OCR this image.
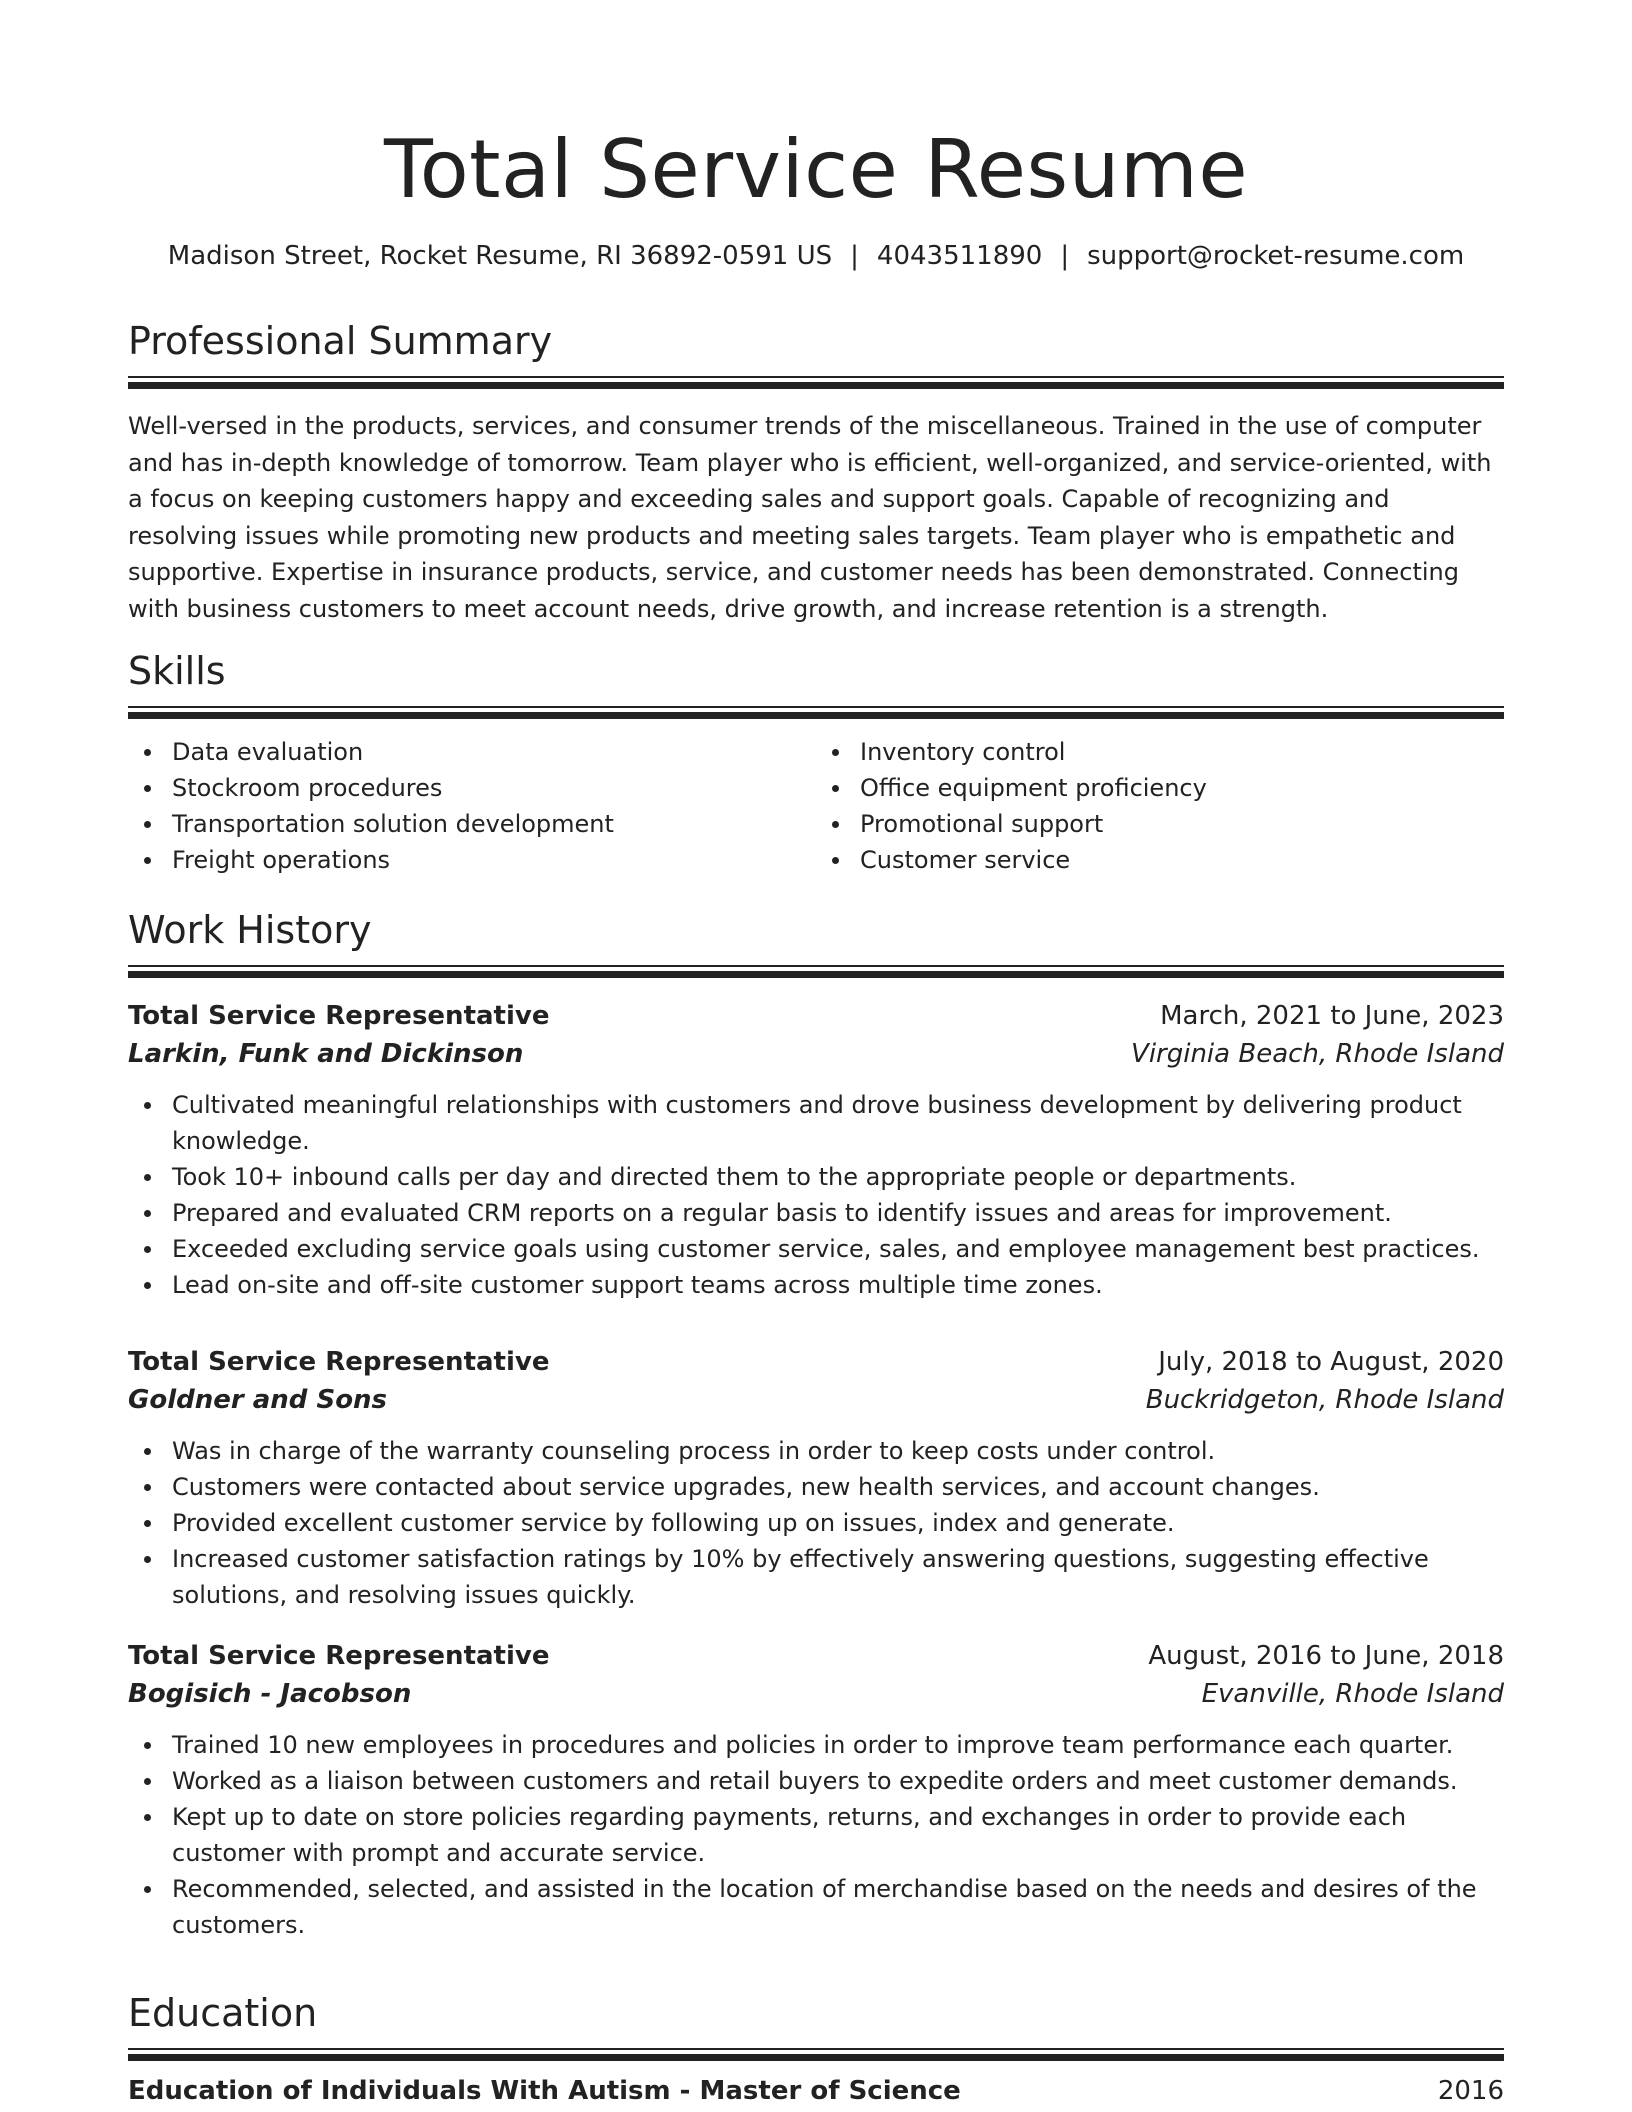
Total Service Resume
Madison Street, Rocket Resume, RI 36892-0591 US | 4043511890 | support@rocket-resume.com
Professional Summary

Well-versed in the products, services, and consumer trends of the miscellaneous. Trained in the use of computer and has in-depth knowledge of tomorrow. Team player who is efficient, well-organized, and service-oriented, with a focus on keeping customers happy and exceeding sales and support goals. Capable of recognizing and resolving issues while promoting new products and meeting sales targets. Team player who is empathetic and supportive. Expertise in insurance products, service, and customer needs has been demonstrated. Connecting with business customers to meet account needs, drive growth, and increase retention is a strength.

Skills
Data evaluation
Stockroom procedures
Transportation solution development
Freight operations
Inventory control
Office equipment proficiency
Promotional support
Customer service
Work History
Total Service Representative	March, 2021 to June, 2023
Larkin, Funk and Dickinson	Virginia Beach, Rhode Island
Cultivated meaningful relationships with customers and drove business development by delivering product knowledge.
Took 10+ inbound calls per day and directed them to the appropriate people or departments.
Prepared and evaluated CRM reports on a regular basis to identify issues and areas for improvement.
Exceeded excluding service goals using customer service, sales, and employee management best practices.
Lead on-site and off-site customer support teams across multiple time zones.
Total Service Representative	July, 2018 to August, 2020
Goldner and Sons	Buckridgeton, Rhode Island
Was in charge of the warranty counseling process in order to keep costs under control.
Customers were contacted about service upgrades, new health services, and account changes.
Provided excellent customer service by following up on issues, index and generate.
Increased customer satisfaction ratings by 10% by effectively answering questions, suggesting effective solutions, and resolving issues quickly.
Total Service Representative	August, 2016 to June, 2018
Bogisich - Jacobson	Evanville, Rhode Island
Trained 10 new employees in procedures and policies in order to improve team performance each quarter.
Worked as a liaison between customers and retail buyers to expedite orders and meet customer demands.
Kept up to date on store policies regarding payments, returns, and exchanges in order to provide each customer with prompt and accurate service.
Recommended, selected, and assisted in the location of merchandise based on the needs and desires of the customers.
Education
Education of Individuals With Autism - Master of Science	2016
